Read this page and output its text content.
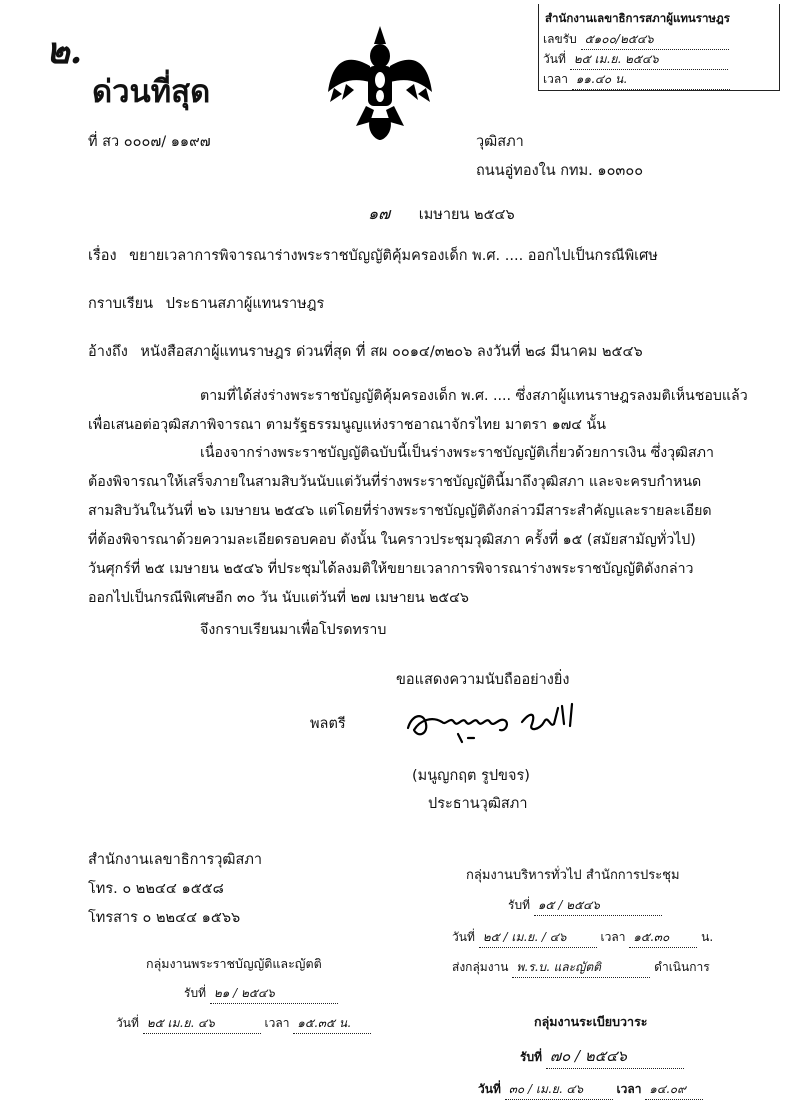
๒.
ด่วนที่สุด
สำนักงานเลขาธิการสภาผู้แทนราษฎร
เลขรับ ๕๑๐๐/๒๕๔๖
วันที่ ๒๕ เม.ย. ๒๕๔๖
เวลา ๑๑.๔๐ น.
ที่ สว ๐๐๐๗/ ๑๑๙๗	วุฒิสภา
ถนนอู่ทองใน กทม. ๑๐๓๐๐
๑๗ เมษายน ๒๕๔๖
เรื่อง ขยายเวลาการพิจารณาร่างพระราชบัญญัติคุ้มครองเด็ก พ.ศ. .... ออกไปเป็นกรณีพิเศษ
กราบเรียน ประธานสภาผู้แทนราษฎร
อ้างถึง หนังสือสภาผู้แทนราษฎร ด่วนที่สุด ที่ สผ ๐๐๑๔/๓๒๐๖ ลงวันที่ ๒๘ มีนาคม ๒๕๔๖
ตามที่ได้ส่งร่างพระราชบัญญัติคุ้มครองเด็ก พ.ศ. .... ซึ่งสภาผู้แทนราษฎรลงมติเห็นชอบแล้ว
เพื่อเสนอต่อวุฒิสภาพิจารณา ตามรัฐธรรมนูญแห่งราชอาณาจักรไทย มาตรา ๑๗๔ นั้น
เนื่องจากร่างพระราชบัญญัติฉบับนี้เป็นร่างพระราชบัญญัติเกี่ยวด้วยการเงิน ซึ่งวุฒิสภา
ต้องพิจารณาให้เสร็จภายในสามสิบวันนับแต่วันที่ร่างพระราชบัญญัตินี้มาถึงวุฒิสภา และจะครบกำหนด
สามสิบวันในวันที่ ๒๖ เมษายน ๒๕๔๖ แต่โดยที่ร่างพระราชบัญญัติดังกล่าวมีสาระสำคัญและรายละเอียด
ที่ต้องพิจารณาด้วยความละเอียดรอบคอบ ดังนั้น ในคราวประชุมวุฒิสภา ครั้งที่ ๑๕ (สมัยสามัญทั่วไป)
วันศุกร์ที่ ๒๕ เมษายน ๒๕๔๖ ที่ประชุมได้ลงมติให้ขยายเวลาการพิจารณาร่างพระราชบัญญัติดังกล่าว
ออกไปเป็นกรณีพิเศษอีก ๓๐ วัน นับแต่วันที่ ๒๗ เมษายน ๒๕๔๖
จึงกราบเรียนมาเพื่อโปรดทราบ
ขอแสดงความนับถืออย่างยิ่ง
พลตรี
(มนูญกฤต รูปขจร)
ประธานวุฒิสภา
สำนักงานเลขาธิการวุฒิสภา
โทร. ๐ ๒๒๔๔ ๑๕๕๘
โทรสาร ๐ ๒๒๔๔ ๑๕๖๖
กลุ่มงานพระราชบัญญัติและญัตติ
รับที่ ๒๑ / ๒๕๔๖
วันที่ ๒๕ เม.ย. ๔๖	เวลา ๑๕.๓๕ น.
กลุ่มงานบริหารทั่วไป สำนักการประชุม
รับที่ ๑๕ / ๒๕๔๖
วันที่ ๒๕ / เม.ย. / ๔๖	เวลา ๑๕.๓๐	น.
ส่งกลุ่มงาน พ.ร.บ. และญัตติ	ดำเนินการ
กลุ่มงานระเบียบวาระ
รับที่ ๗๐ / ๒๕๔๖
วันที่ ๓๐ / เม.ย. ๔๖	เวลา ๑๔.๐๙
